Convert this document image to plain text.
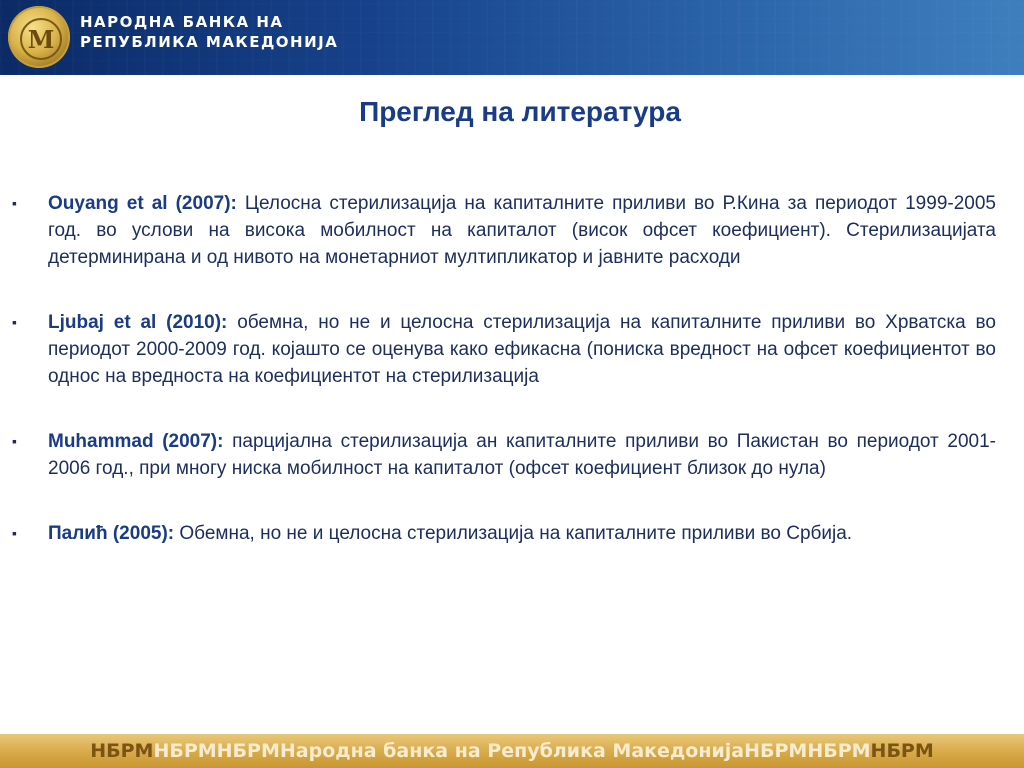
M
НАРОДНА БАНКА НА
РЕПУБЛИКА МАКЕДОНИЈА
Преглед на литература
▪ Ouyang et al (2007): Целосна стерилизација на капиталните приливи во Р.Кина за периодот 1999-2005 год. во услови на висока мобилност на капиталот (висок офсет коефициент). Стерилизацијата детерминирана и од нивото на монетарниот мултипликатор и јавните расходи
▪ Ljubaj et al (2010): обемна, но не и целосна стерилизација на капиталните приливи во Хрватска во периодот 2000-2009 год. којашто се оценува како ефикасна (пониска вредност на офсет коефициентот во однос на вредноста на коефициентот на стерилизација
▪ Muhammad (2007): парцијална стерилизација ан капиталните приливи во Пакистан во периодот 2001-2006 год., при многу ниска мобилност на капиталот (офсет коефициент близок до нула)
▪ Палиħ (2005): Обемна, но не и целосна стерилизација на капиталните приливи во Србија.
НБРМ НБРМНБРМ Народна банка на Република Македонија НБРМНБРМ НБРМ
